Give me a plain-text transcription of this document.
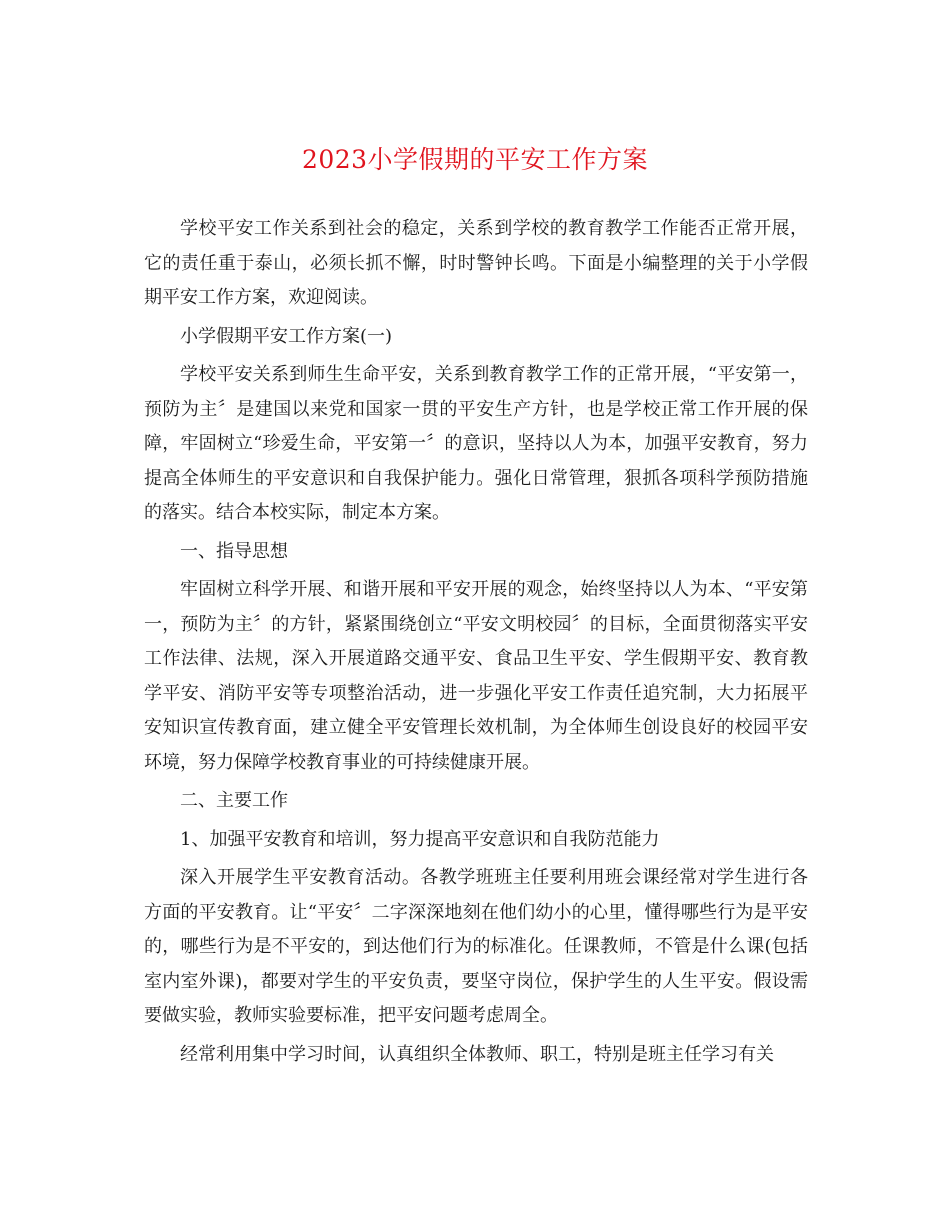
2023小学假期的平安工作方案

学校平安工作关系到社会的稳定，关系到学校的教育教学工作能否正常开展，它的责任重于泰山，必须长抓不懈，时时警钟长鸣。下面是小编整理的关于小学假期平安工作方案，欢迎阅读。

小学假期平安工作方案(一)

学校平安关系到师生生命平安，关系到教育教学工作的正常开展，“平安第一，预防为主〞是建国以来党和国家一贯的平安生产方针，也是学校正常工作开展的保障，牢固树立“珍爱生命，平安第一〞的意识，坚持以人为本，加强平安教育，努力提高全体师生的平安意识和自我保护能力。强化日常管理，狠抓各项科学预防措施的落实。结合本校实际，制定本方案。

一、指导思想

牢固树立科学开展、和谐开展和平安开展的观念，始终坚持以人为本、“平安第一，预防为主〞的方针，紧紧围绕创立“平安文明校园〞的目标，全面贯彻落实平安工作法律、法规，深入开展道路交通平安、食品卫生平安、学生假期平安、教育教学平安、消防平安等专项整治活动，进一步强化平安工作责任追究制，大力拓展平安知识宣传教育面，建立健全平安管理长效机制，为全体师生创设良好的校园平安环境，努力保障学校教育事业的可持续健康开展。

二、主要工作

1、加强平安教育和培训，努力提高平安意识和自我防范能力

深入开展学生平安教育活动。各教学班班主任要利用班会课经常对学生进行各方面的平安教育。让“平安〞二字深深地刻在他们幼小的心里，懂得哪些行为是平安的，哪些行为是不平安的，到达他们行为的标准化。任课教师，不管是什么课(包括室内室外课)，都要对学生的平安负责，要坚守岗位，保护学生的人生平安。假设需要做实验，教师实验要标准，把平安问题考虑周全。

经常利用集中学习时间，认真组织全体教师、职工，特别是班主任学习有关
